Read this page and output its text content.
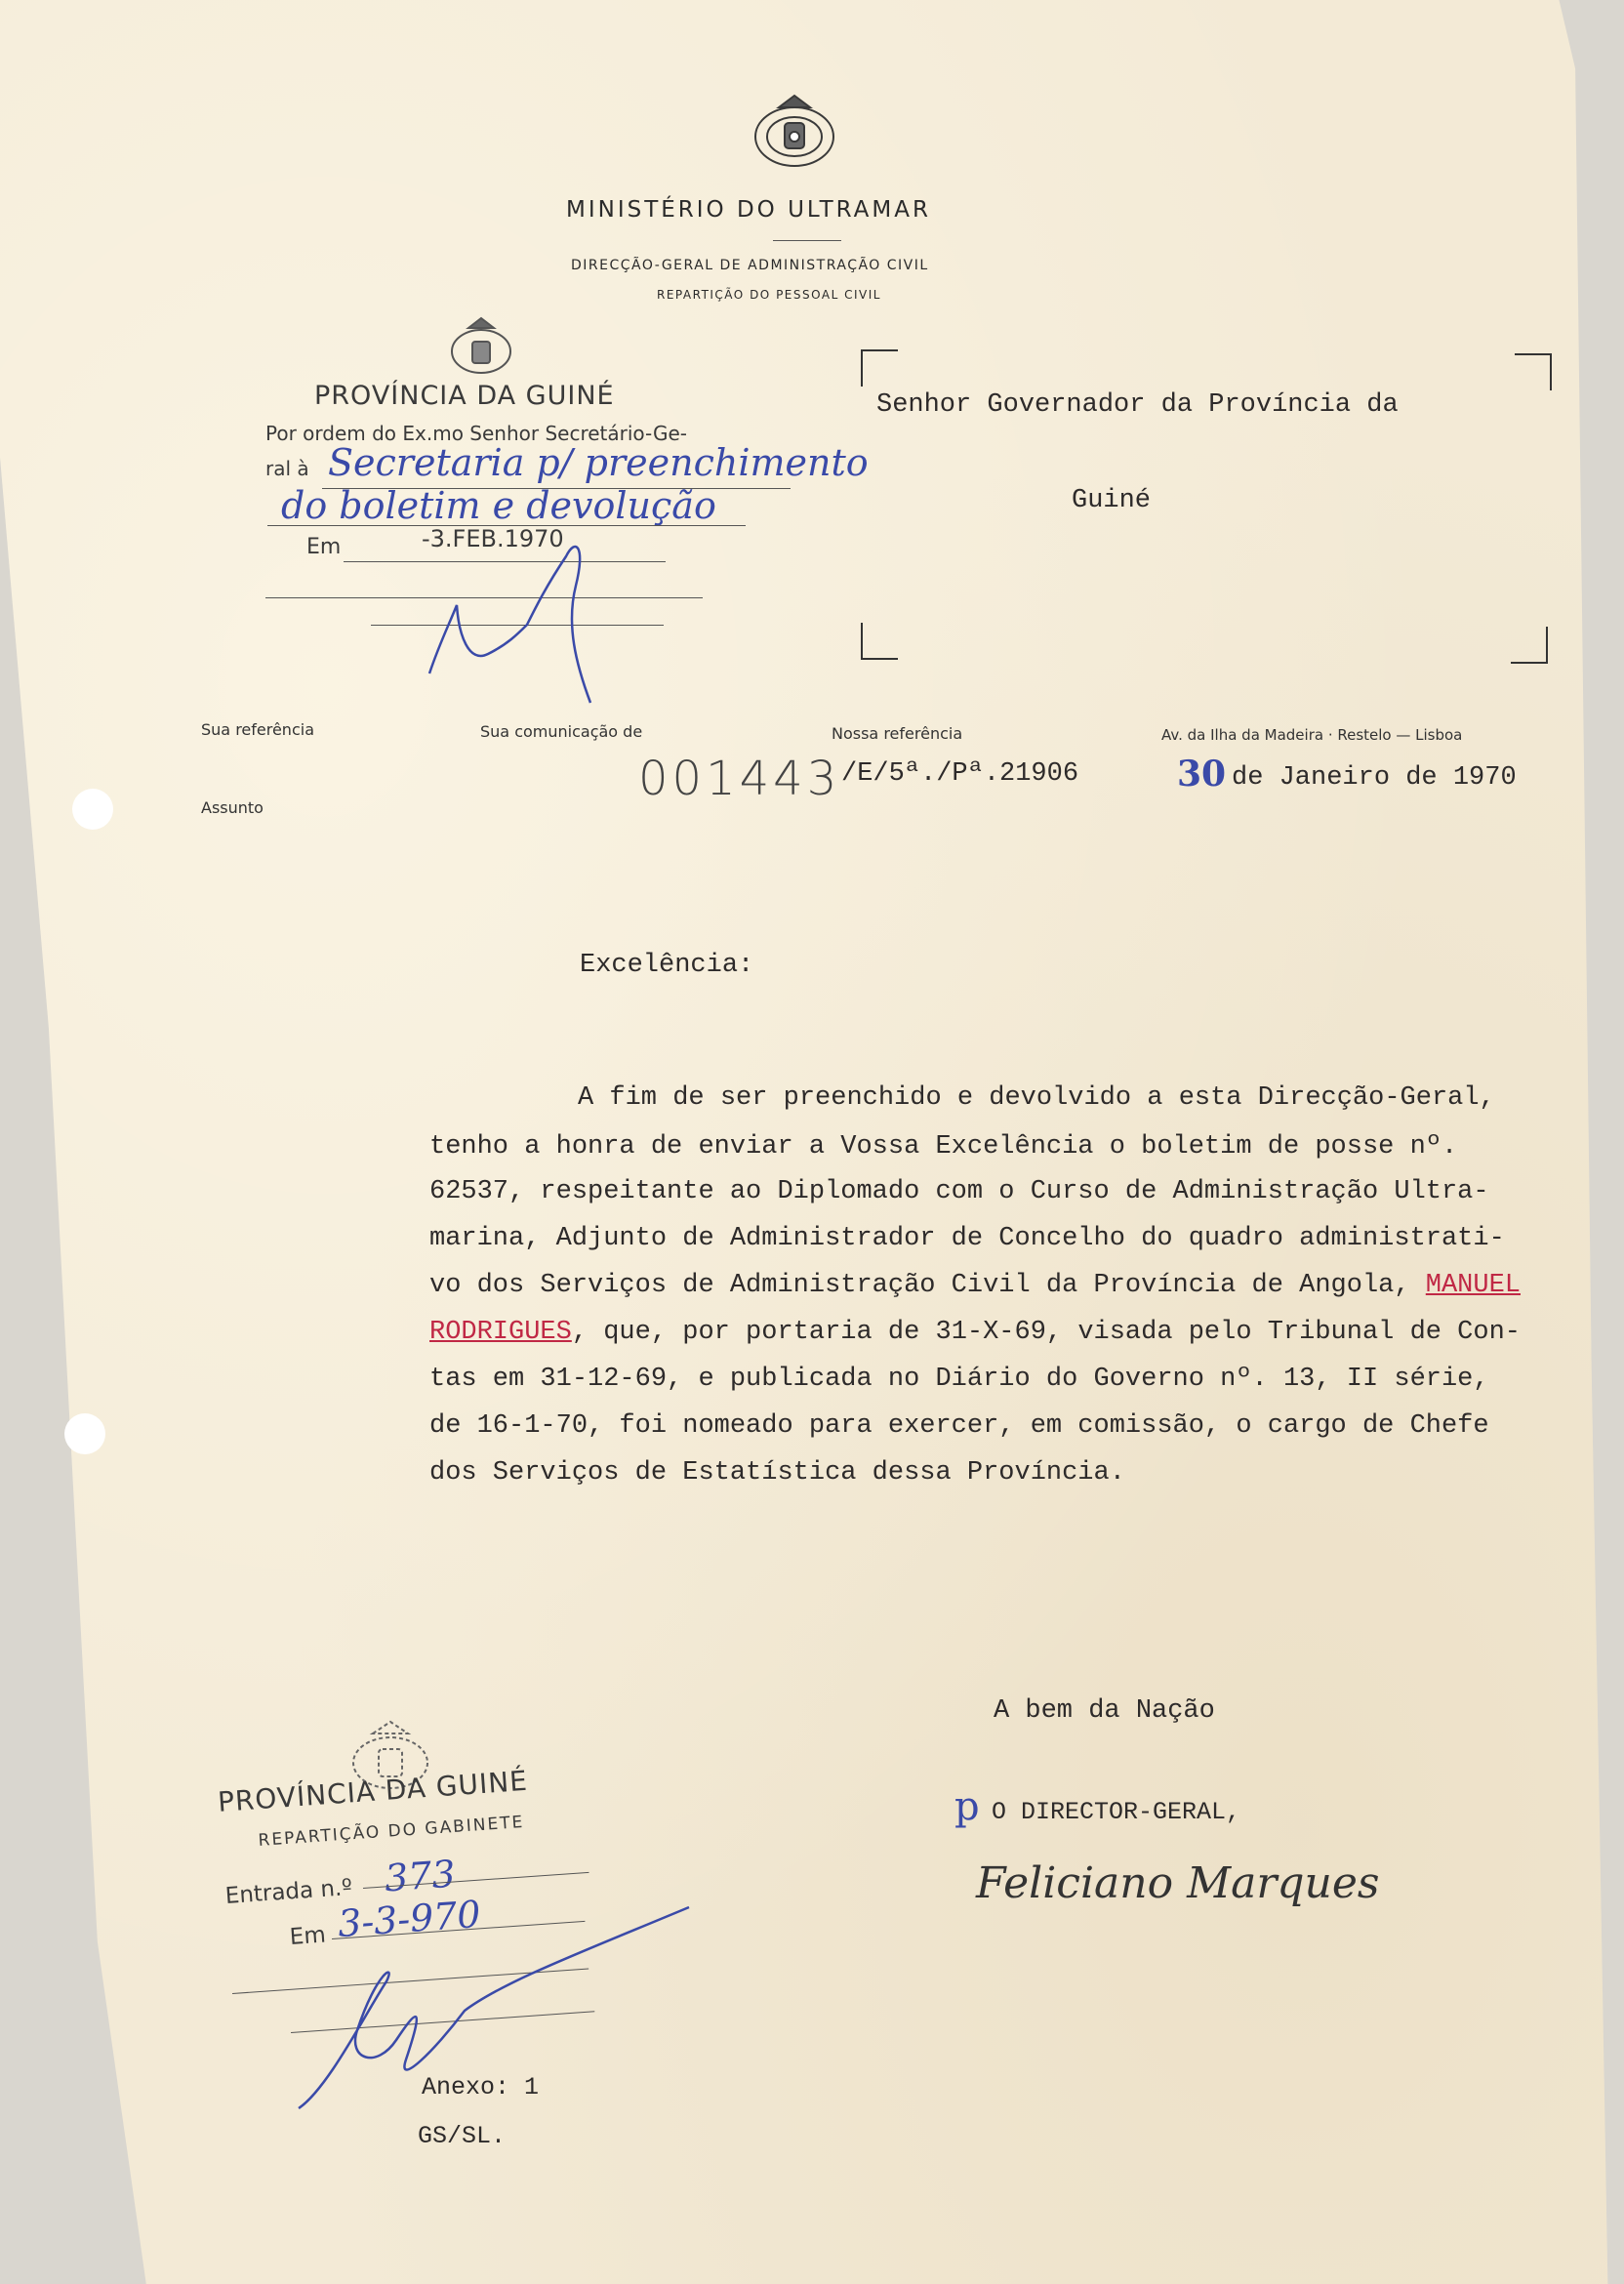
MINISTÉRIO DO ULTRAMAR
DIRECÇÃO-GERAL DE ADMINISTRAÇÃO CIVIL
REPARTIÇÃO DO PESSOAL CIVIL
PROVÍNCIA DA GUINÉ
Por ordem do Ex.mo Senhor Secretário-Ge-
ral à Secretaria p/ preenchimento
do boletim e devolução
Em	-3.FEB.1970
Senhor Governador da Província da
Guiné
Sua referência	Sua comunicação de	Nossa referência	Av. da Ilha da Madeira · Restelo — Lisboa
Assunto
001443 /E/5ª./Pª.21906	30 de Janeiro de 1970
Excelência:
A fim de ser preenchido e devolvido a esta Direcção-Geral,
tenho a honra de enviar a Vossa Excelência o boletim de posse nº.
62537, respeitante ao Diplomado com o Curso de Administração Ultra-
marina, Adjunto de Administrador de Concelho do quadro administrati-
vo dos Serviços de Administração Civil da Província de Angola, MANUEL
RODRIGUES, que, por portaria de 31-X-69, visada pelo Tribunal de Con-
tas em 31-12-69, e publicada no Diário do Governo nº. 13, II série,
de 16-1-70, foi nomeado para exercer, em comissão, o cargo de Chefe
dos Serviços de Estatística dessa Província.
A bem da Nação
p O DIRECTOR-GERAL,
Feliciano Marques
PROVÍNCIA DA GUINÉ
REPARTIÇÃO DO GABINETE
Entrada n.º 373
Em 3-3-970
Anexo: 1
GS/SL.
